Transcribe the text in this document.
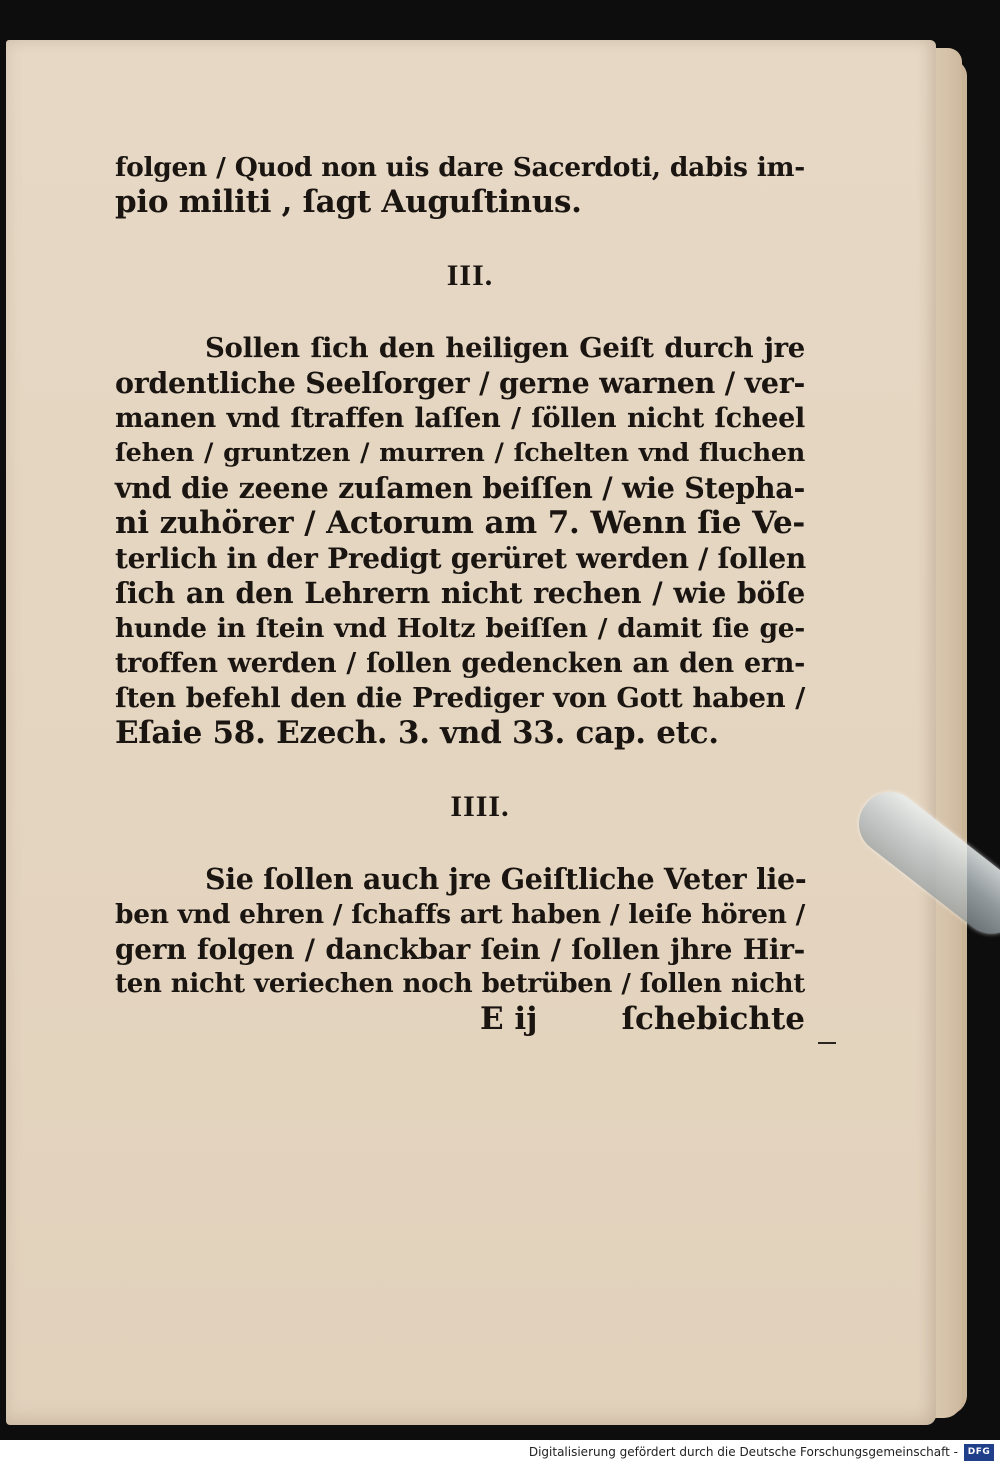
folgen / Quod non uis dare Sacerdoti, dabis im-
pio militi , ſagt Auguſtinus.
III.
Sollen ſich den heiligen Geiſt durch jre
ordentliche Seelſorger / gerne warnen / ver-
manen vnd ſtraffen laſſen / ſöllen nicht ſcheel
ſehen / gruntzen / murren / ſchelten vnd fluchen
vnd die zeene zuſamen beiſſen / wie Stepha-
ni zuhörer / Actorum am 7. Wenn ſie Ve-
terlich in der Predigt gerüret werden / ſollen
ſich an den Lehrern nicht rechen / wie böſe
hunde in ſtein vnd Holtz beiſſen / damit ſie ge-
troffen werden / ſollen gedencken an den ern-
ſten befehl den die Prediger von Gott haben /
Eſaie 58. Ezech. 3. vnd 33. cap. etc.
IIII.
Sie ſollen auch jre Geiſtliche Veter lie-
ben vnd ehren / ſchaffs art haben / leiſe hören /
gern folgen / danckbar ſein / ſollen jhre Hir-
ten nicht veriechen noch betrüben / ſollen nicht
E ij	ſchebichte
Digitalisierung gefördert durch die Deutsche Forschungsgemeinschaft -	DFG
